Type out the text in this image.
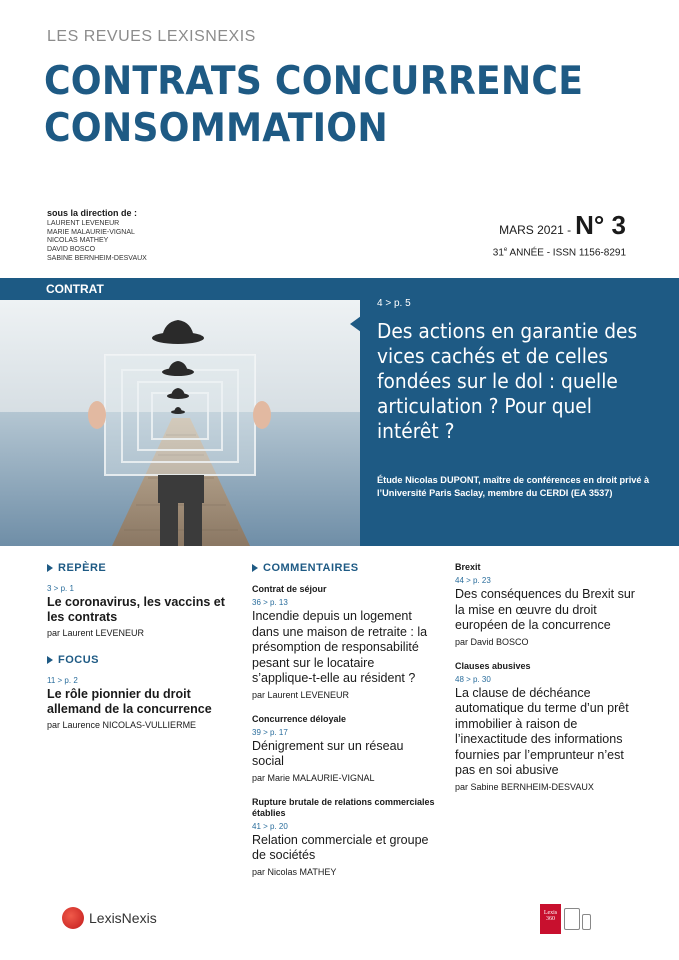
LES REVUES LEXISNEXIS
CONTRATS CONCURRENCE
CONSOMMATION
sous la direction de :
LAURENT LEVENEUR
MARIE MALAURIE-VIGNAL
NICOLAS MATHEY
DAVID BOSCO
SABINE BERNHEIM-DESVAUX
MARS 2021 - N° 3
31e ANNÉE - ISSN 1156-8291
CONTRAT
4 > p. 5
Des actions en garantie des vices cachés et de celles fondées sur le dol : quelle articulation ? Pour quel intérêt ?
Étude Nicolas DUPONT, maître de conférences en droit privé à l’Université Paris Saclay, membre du CERDI (EA 3537)
REPÈRE
3 > p. 1
Le coronavirus, les vaccins et les contrats
par Laurent LEVENEUR
FOCUS
11 > p. 2
Le rôle pionnier du droit allemand de la concurrence
par Laurence NICOLAS-VULLIERME
COMMENTAIRES
Contrat de séjour
36 > p. 13
Incendie depuis un logement dans une maison de retraite : la présomption de responsabilité pesant sur le locataire s’applique-t-elle au résident ?
par Laurent LEVENEUR
Concurrence déloyale
39 > p. 17
Dénigrement sur un réseau social
par Marie MALAURIE-VIGNAL
Rupture brutale de relations commerciales établies
41 > p. 20
Relation commerciale et groupe de sociétés
par Nicolas MATHEY
Brexit
44 > p. 23
Des conséquences du Brexit sur la mise en œuvre du droit européen de la concurrence
par David BOSCO
Clauses abusives
48 > p. 30
La clause de déchéance automatique du terme d’un prêt immobilier à raison de l’inexactitude des informations fournies par l’emprunteur n’est pas en soi abusive
par Sabine BERNHEIM-DESVAUX
LexisNexis	Lexis
360
